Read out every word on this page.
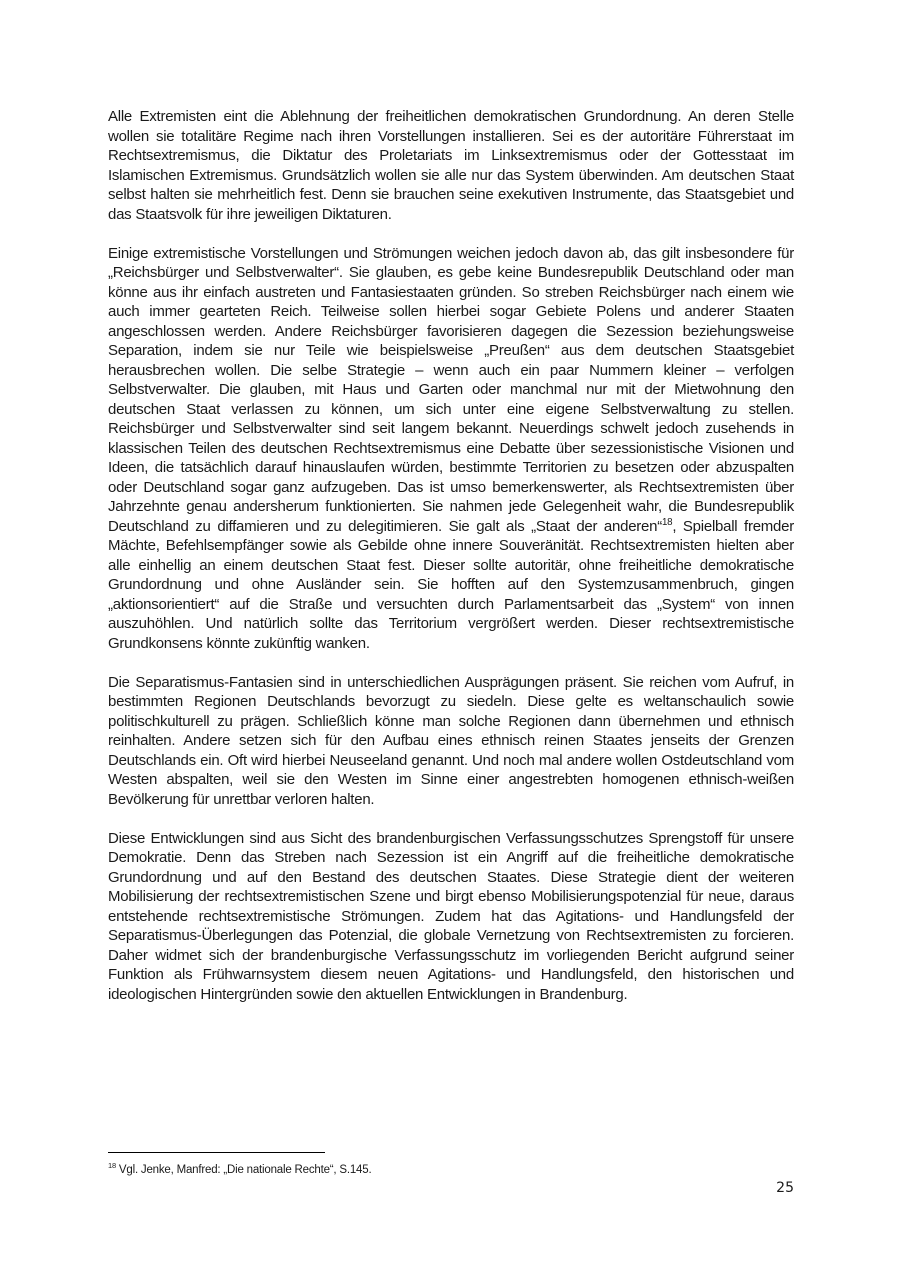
Alle Extremisten eint die Ablehnung der freiheitlichen demokratischen Grundordnung. An deren Stelle wollen sie totalitäre Regime nach ihren Vorstellungen installieren. Sei es der autoritäre Führerstaat im Rechtsextremismus, die Diktatur des Proletariats im Linksextremismus oder der Gottesstaat im Islamischen Extremismus. Grundsätzlich wollen sie alle nur das System überwinden. Am deutschen Staat selbst halten sie mehrheitlich fest. Denn sie brauchen seine exekutiven Instrumente, das Staatsgebiet und das Staatsvolk für ihre jeweiligen Diktaturen.

Einige extremistische Vorstellungen und Strömungen weichen jedoch davon ab, das gilt insbesondere für „Reichsbürger und Selbstverwalter“. Sie glauben, es gebe keine Bundesrepublik Deutschland oder man könne aus ihr einfach austreten und Fantasiestaaten gründen. So streben Reichsbürger nach einem wie auch immer gearteten Reich. Teilweise sollen hierbei sogar Gebiete Polens und anderer Staaten angeschlossen werden. Andere Reichsbürger favorisieren dagegen die Sezession beziehungsweise Separation, indem sie nur Teile wie beispielsweise „Preußen“ aus dem deutschen Staatsgebiet herausbrechen wollen. Die selbe Strategie – wenn auch ein paar Nummern kleiner – verfolgen Selbstverwalter. Die glauben, mit Haus und Garten oder manchmal nur mit der Mietwohnung den deutschen Staat verlassen zu können, um sich unter eine eigene Selbstverwaltung zu stellen. Reichsbürger und Selbstverwalter sind seit langem bekannt. Neuerdings schwelt jedoch zusehends in klassischen Teilen des deutschen Rechtsextremismus eine Debatte über sezessionistische Visionen und Ideen, die tatsächlich darauf hinauslaufen würden, bestimmte Territorien zu besetzen oder abzuspalten oder Deutschland sogar ganz aufzugeben. Das ist umso bemerkenswerter, als Rechtsextremisten über Jahrzehnte genau andersherum funktionierten. Sie nahmen jede Gelegenheit wahr, die Bundesrepublik Deutschland zu diffamieren und zu delegitimieren. Sie galt als „Staat der anderen“$^{18}$, Spielball fremder Mächte, Befehlsempfänger sowie als Gebilde ohne innere Souveränität. Rechtsextremisten hielten aber alle einhellig an einem deutschen Staat fest. Dieser sollte autoritär, ohne freiheitliche demokratische Grundordnung und ohne Ausländer sein. Sie hofften auf den Systemzusammenbruch, gingen „aktionsorientiert“ auf die Straße und versuchten durch Parlamentsarbeit das „System“ von innen auszuhöhlen. Und natürlich sollte das Territorium vergrößert werden. Dieser rechtsextremistische Grundkonsens könnte zukünftig wanken.

Die Separatismus-Fantasien sind in unterschiedlichen Ausprägungen präsent. Sie reichen vom Aufruf, in bestimmten Regionen Deutschlands bevorzugt zu siedeln. Diese gelte es weltanschaulich sowie politischkulturell zu prägen. Schließlich könne man solche Regionen dann übernehmen und ethnisch reinhalten. Andere setzen sich für den Aufbau eines ethnisch reinen Staates jenseits der Grenzen Deutschlands ein. Oft wird hierbei Neuseeland genannt. Und noch mal andere wollen Ostdeutschland vom Westen abspalten, weil sie den Westen im Sinne einer angestrebten homogenen ethnisch-weißen Bevölkerung für unrettbar verloren halten.

Diese Entwicklungen sind aus Sicht des brandenburgischen Verfassungsschutzes Sprengstoff für unsere Demokratie. Denn das Streben nach Sezession ist ein Angriff auf die freiheitliche demokratische Grundordnung und auf den Bestand des deutschen Staates. Diese Strategie dient der weiteren Mobilisierung der rechtsextremistischen Szene und birgt ebenso Mobilisierungspotenzial für neue, daraus entstehende rechtsextremistische Strömungen. Zudem hat das Agitations- und Handlungsfeld der Separatismus-Überlegungen das Potenzial, die globale Vernetzung von Rechtsextremisten zu forcieren. Daher widmet sich der brandenburgische Verfassungsschutz im vorliegenden Bericht aufgrund seiner Funktion als Frühwarnsystem diesem neuen Agitations- und Handlungsfeld, den historischen und ideologischen Hintergründen sowie den aktuellen Entwicklungen in Brandenburg.

$^{18}$ Vgl. Jenke, Manfred: „Die nationale Rechte“, S.145.
25
